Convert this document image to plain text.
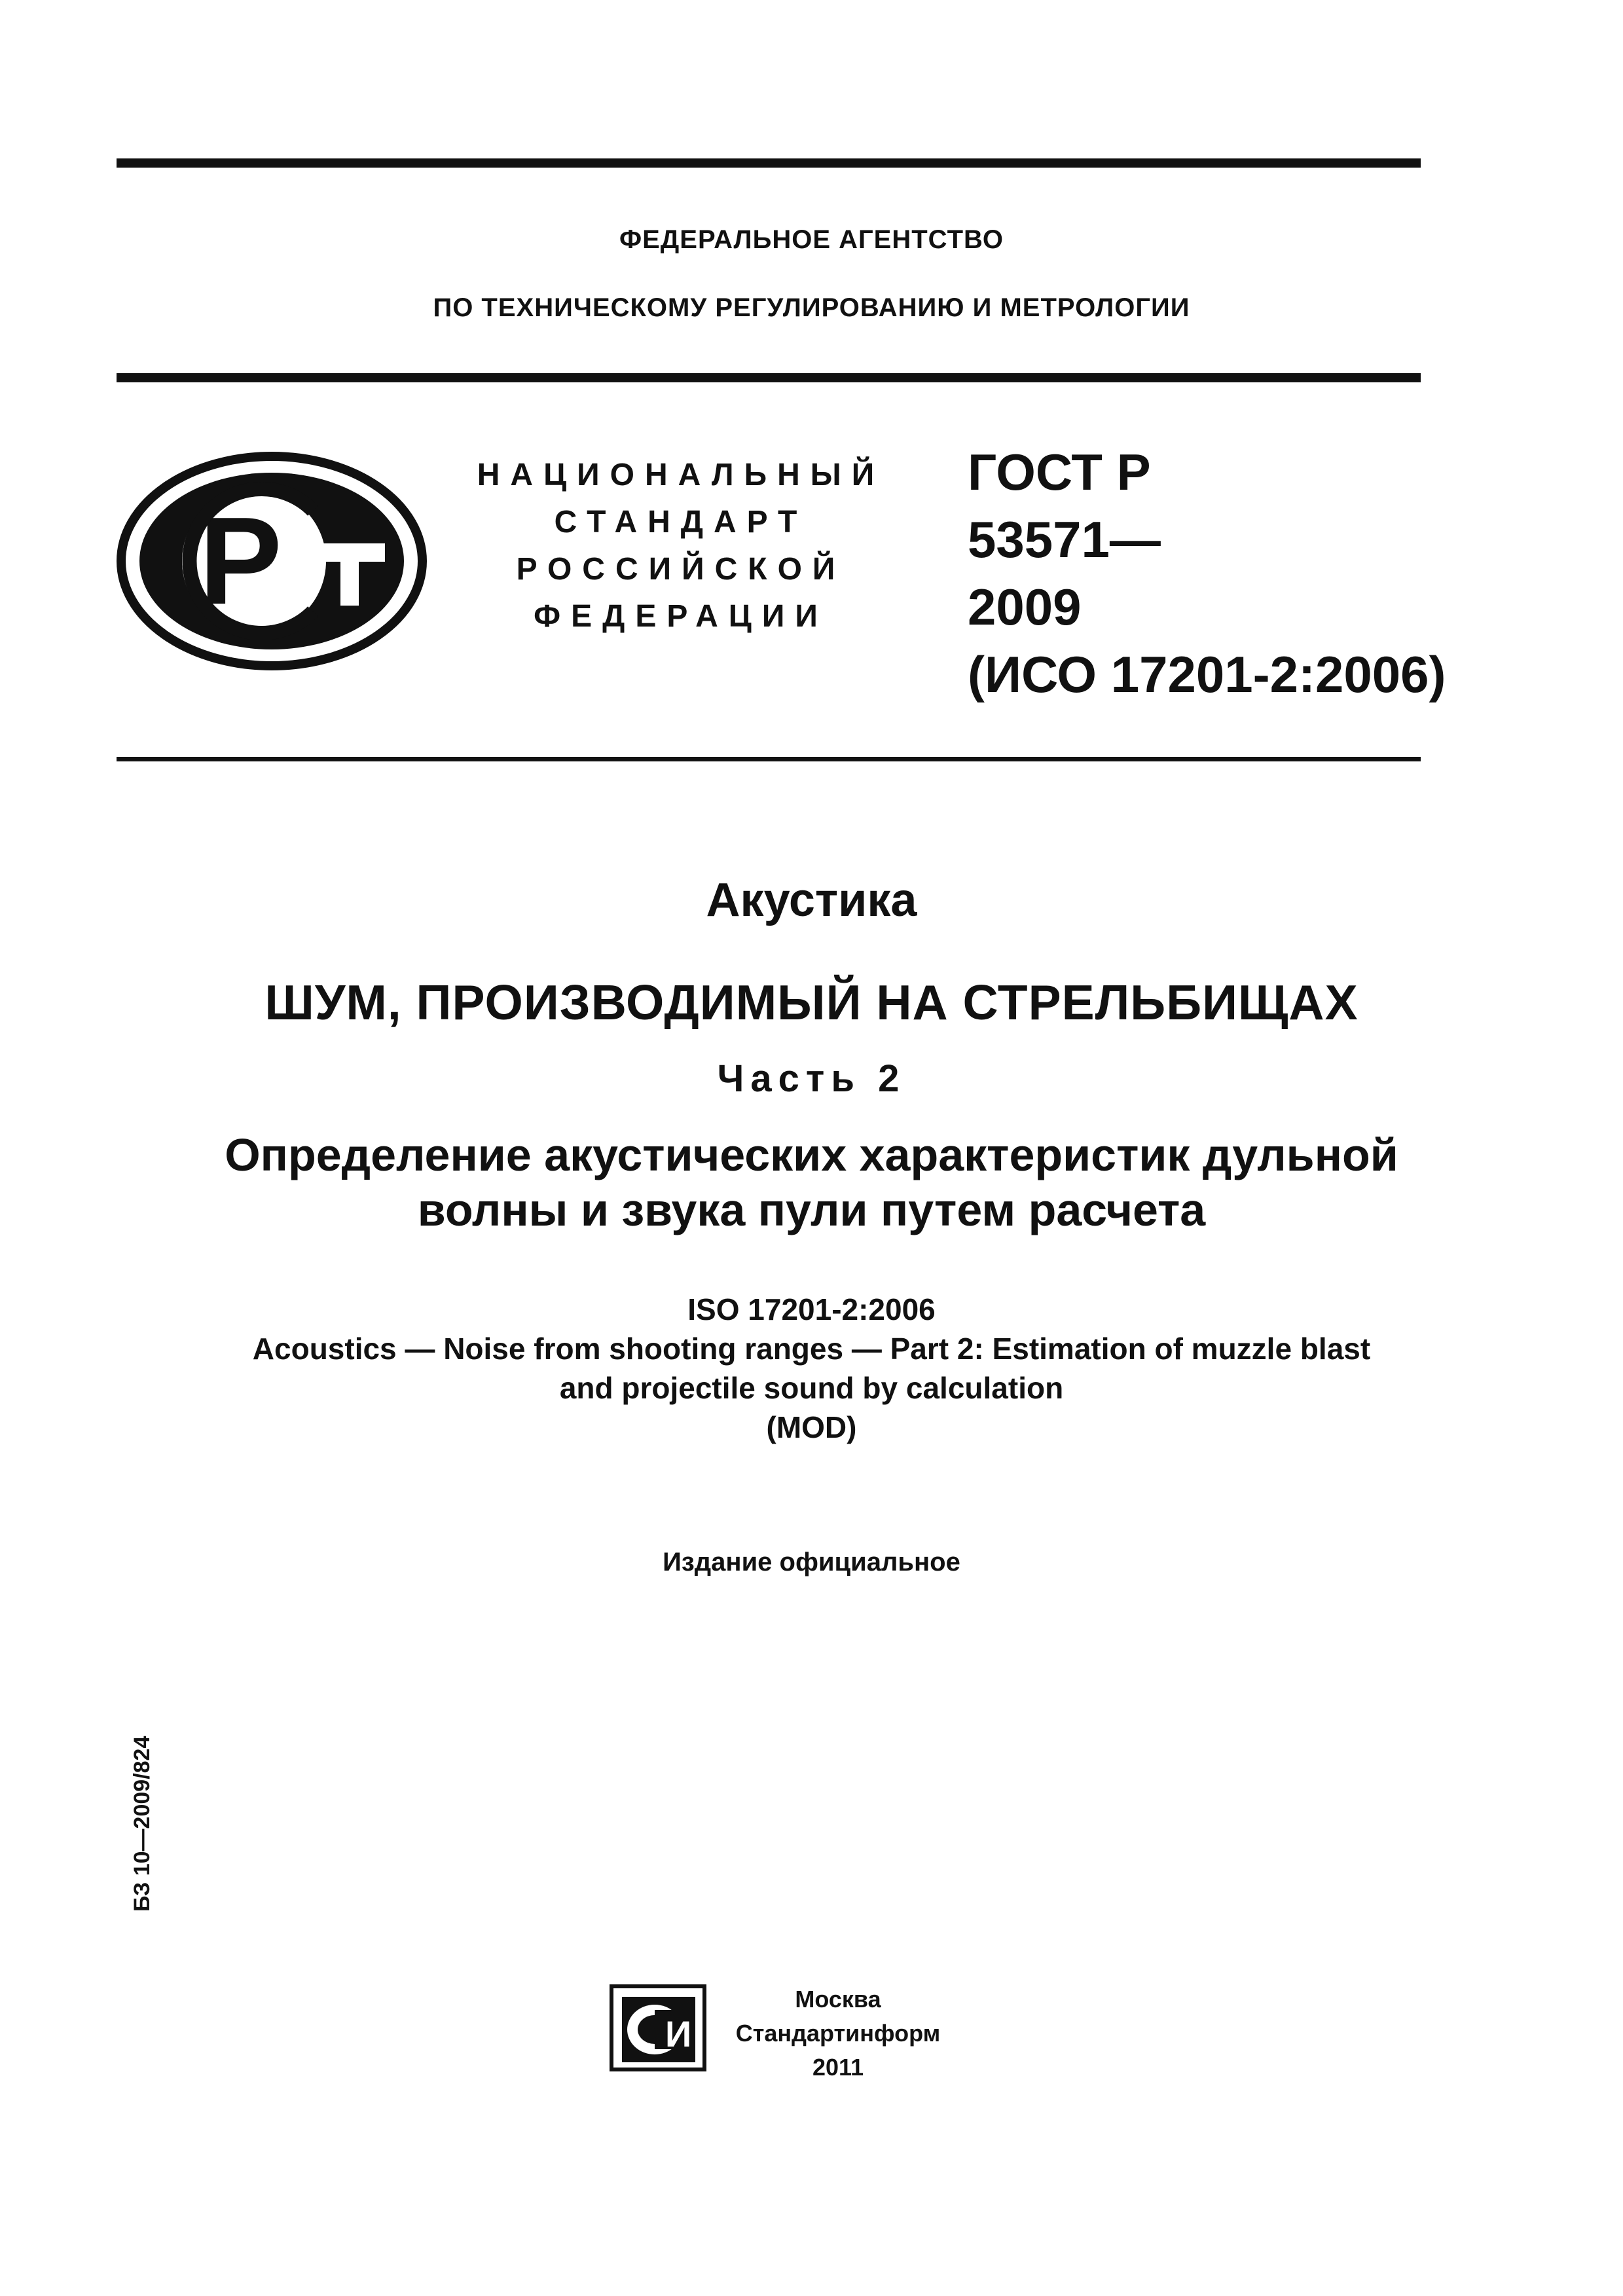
ФЕДЕРАЛЬНОЕ АГЕНТСТВО
ПО ТЕХНИЧЕСКОМУ РЕГУЛИРОВАНИЮ И МЕТРОЛОГИИ
P
НАЦИОНАЛЬНЫЙ
СТАНДАРТ
РОССИЙСКОЙ
ФЕДЕРАЦИИ
ГОСТ Р
53571—
2009
(ИСО 17201-2:2006)
Акустика
ШУМ, ПРОИЗВОДИМЫЙ НА СТРЕЛЬБИЩАХ
Часть 2
Определение акустических характеристик дульной
волны и звука пули путем расчета
ISO 17201-2:2006
Acoustics — Noise from shooting ranges — Part 2: Estimation of muzzle blast
and projectile sound by calculation
(MOD)
Издание официальное
БЗ 10—2009/824
И
Москва
Стандартинформ
2011
